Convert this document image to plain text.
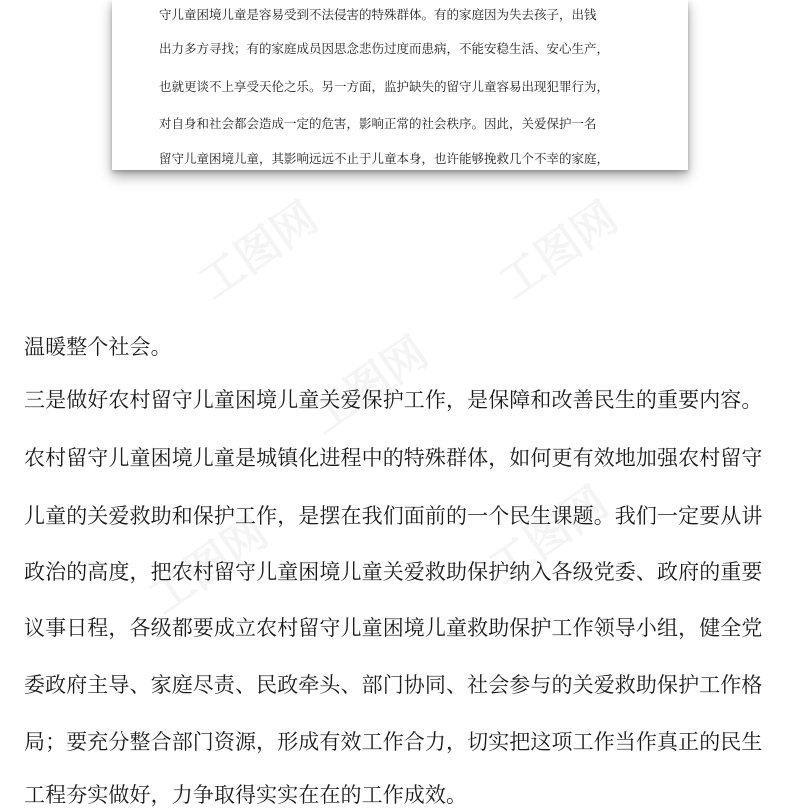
守儿童困境儿童是容易受到不法侵害的特殊群体。有的家庭因为失去孩子，出钱
出力多方寻找；有的家庭成员因思念悲伤过度而患病，不能安稳生活、安心生产，
也就更谈不上享受天伦之乐。另一方面，监护缺失的留守儿童容易出现犯罪行为，
对自身和社会都会造成一定的危害，影响正常的社会秩序。因此，关爱保护一名
留守儿童困境儿童，其影响远远不止于儿童本身，也许能够挽救几个不幸的家庭，
温暖整个社会。
三是做好农村留守儿童困境儿童关爱保护工作，是保障和改善民生的重要内容。
农村留守儿童困境儿童是城镇化进程中的特殊群体，如何更有效地加强农村留守
儿童的关爱救助和保护工作，是摆在我们面前的一个民生课题。我们一定要从讲
政治的高度，把农村留守儿童困境儿童关爱救助保护纳入各级党委、政府的重要
议事日程，各级都要成立农村留守儿童困境儿童救助保护工作领导小组，健全党
委政府主导、家庭尽责、民政牵头、部门协同、社会参与的关爱救助保护工作格
局；要充分整合部门资源，形成有效工作合力，切实把这项工作当作真正的民生
工程夯实做好，力争取得实实在在的工作成效。
